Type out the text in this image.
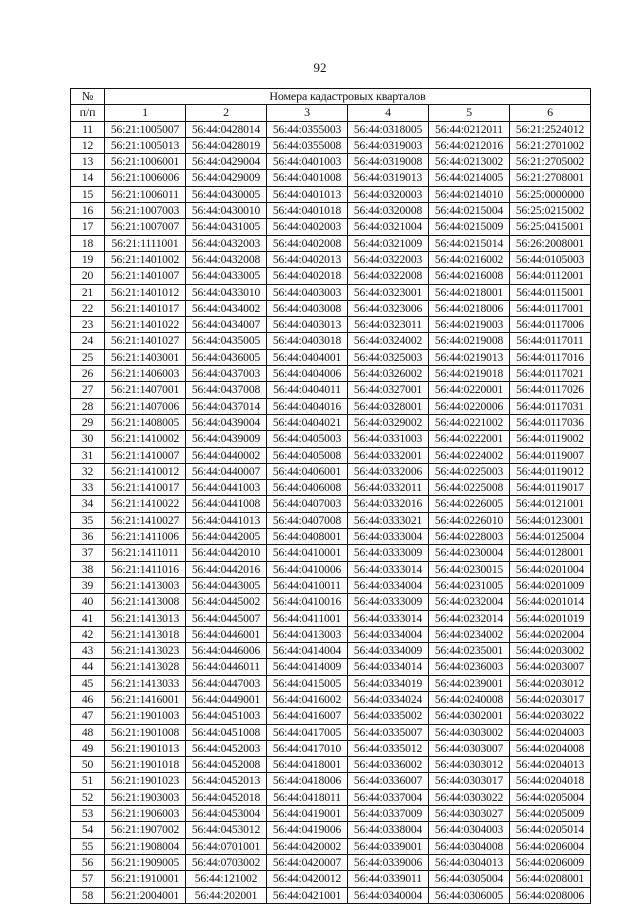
92
№	Номера кадастровых кварталов					
п/п	1	2	3	4	5	6
11	56:21:1005007	56:44:0428014	56:44:0355003	56:44:0318005	56:44:0212011	56:21:2524012
12	56:21:1005013	56:44:0428019	56:44:0355008	56:44:0319003	56:44:0212016	56:21:2701002
13	56:21:1006001	56:44:0429004	56:44:0401003	56:44:0319008	56:44:0213002	56:21:2705002
14	56:21:1006006	56:44:0429009	56:44:0401008	56:44:0319013	56:44:0214005	56:21:2708001
15	56:21:1006011	56:44:0430005	56:44:0401013	56:44:0320003	56:44:0214010	56:25:0000000
16	56:21:1007003	56:44:0430010	56:44:0401018	56:44:0320008	56:44:0215004	56:25:0215002
17	56:21:1007007	56:44:0431005	56:44:0402003	56:44:0321004	56:44:0215009	56:25:0415001
18	56:21:1111001	56:44:0432003	56:44:0402008	56:44:0321009	56:44:0215014	56:26:2008001
19	56:21:1401002	56:44:0432008	56:44:0402013	56:44:0322003	56:44:0216002	56:44:0105003
20	56:21:1401007	56:44:0433005	56:44:0402018	56:44:0322008	56:44:0216008	56:44:0112001
21	56:21:1401012	56:44:0433010	56:44:0403003	56:44:0323001	56:44:0218001	56:44:0115001
22	56:21:1401017	56:44:0434002	56:44:0403008	56:44:0323006	56:44:0218006	56:44:0117001
23	56:21:1401022	56:44:0434007	56:44:0403013	56:44:0323011	56:44:0219003	56:44:0117006
24	56:21:1401027	56:44:0435005	56:44:0403018	56:44:0324002	56:44:0219008	56:44:0117011
25	56:21:1403001	56:44:0436005	56:44:0404001	56:44:0325003	56:44:0219013	56:44:0117016
26	56:21:1406003	56:44:0437003	56:44:0404006	56:44:0326002	56:44:0219018	56:44:0117021
27	56:21:1407001	56:44:0437008	56:44:0404011	56:44:0327001	56:44:0220001	56:44:0117026
28	56:21:1407006	56:44:0437014	56:44:0404016	56:44:0328001	56:44:0220006	56:44:0117031
29	56:21:1408005	56:44:0439004	56:44:0404021	56:44:0329002	56:44:0221002	56:44:0117036
30	56:21:1410002	56:44:0439009	56:44:0405003	56:44:0331003	56:44:0222001	56:44:0119002
31	56:21:1410007	56:44:0440002	56:44:0405008	56:44:0332001	56:44:0224002	56:44:0119007
32	56:21:1410012	56:44:0440007	56:44:0406001	56:44:0332006	56:44:0225003	56:44:0119012
33	56:21:1410017	56:44:0441003	56:44:0406008	56:44:0332011	56:44:0225008	56:44:0119017
34	56:21:1410022	56:44:0441008	56:44:0407003	56:44:0332016	56:44:0226005	56:44:0121001
35	56:21:1410027	56:44:0441013	56:44:0407008	56:44:0333021	56:44:0226010	56:44:0123001
36	56:21:1411006	56:44:0442005	56:44:0408001	56:44:0333004	56:44:0228003	56:44:0125004
37	56:21:1411011	56:44:0442010	56:44:0410001	56:44:0333009	56:44:0230004	56:44:0128001
38	56:21:1411016	56:44:0442016	56:44:0410006	56:44:0333014	56:44:0230015	56:44:0201004
39	56:21:1413003	56:44:0443005	56:44:0410011	56:44:0334004	56:44:0231005	56:44:0201009
40	56:21:1413008	56:44:0445002	56:44:0410016	56:44:0333009	56:44:0232004	56:44:0201014
41	56:21:1413013	56:44:0445007	56:44:0411001	56:44:0333014	56:44:0232014	56:44:0201019
42	56:21:1413018	56:44:0446001	56:44:0413003	56:44:0334004	56:44:0234002	56:44:0202004
43	56:21:1413023	56:44:0446006	56:44:0414004	56:44:0334009	56:44:0235001	56:44:0203002
44	56:21:1413028	56:44:0446011	56:44:0414009	56:44:0334014	56:44:0236003	56:44:0203007
45	56:21:1413033	56:44:0447003	56:44:0415005	56:44:0334019	56:44:0239001	56:44:0203012
46	56:21:1416001	56:44:0449001	56:44:0416002	56:44:0334024	56:44:0240008	56:44:0203017
47	56:21:1901003	56:44:0451003	56:44:0416007	56:44:0335002	56:44:0302001	56:44:0203022
48	56:21:1901008	56:44:0451008	56:44:0417005	56:44:0335007	56:44:0303002	56:44:0204003
49	56:21:1901013	56:44:0452003	56:44:0417010	56:44:0335012	56:44:0303007	56:44:0204008
50	56:21:1901018	56:44:0452008	56:44:0418001	56:44:0336002	56:44:0303012	56:44:0204013
51	56:21:1901023	56:44:0452013	56:44:0418006	56:44:0336007	56:44:0303017	56:44:0204018
52	56:21:1903003	56:44:0452018	56:44:0418011	56:44:0337004	56:44:0303022	56:44:0205004
53	56:21:1906003	56:44:0453004	56:44:0419001	56:44:0337009	56:44:0303027	56:44:0205009
54	56:21:1907002	56:44:0453012	56:44:0419006	56:44:0338004	56:44:0304003	56:44:0205014
55	56:21:1908004	56:44:0701001	56:44:0420002	56:44:0339001	56:44:0304008	56:44:0206004
56	56:21:1909005	56:44:0703002	56:44:0420007	56:44:0339006	56:44:0304013	56:44:0206009
57	56:21:1910001	56:44:121002	56:44:0420012	56:44:0339011	56:44:0305004	56:44:0208001
58	56:21:2004001	56:44:202001	56:44:0421001	56:44:0340004	56:44:0306005	56:44:0208006
